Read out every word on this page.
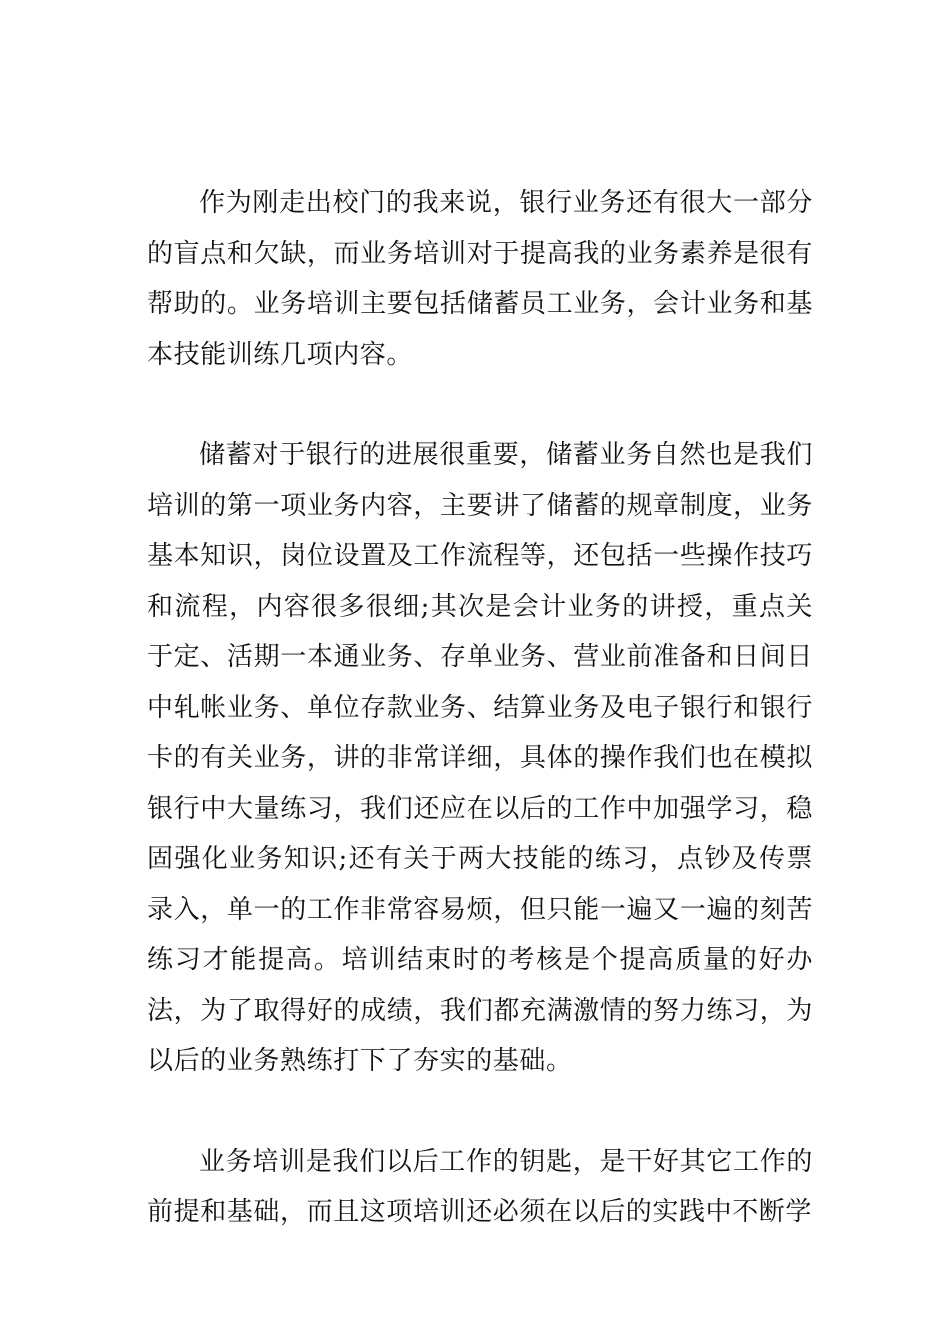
作为刚走出校门的我来说，银行业务还有很大一部分的盲点和欠缺，而业务培训对于提高我的业务素养是很有帮助的。业务培训主要包括储蓄员工业务，会计业务和基本技能训练几项内容。

储蓄对于银行的进展很重要，储蓄业务自然也是我们培训的第一项业务内容，主要讲了储蓄的规章制度，业务基本知识，岗位设置及工作流程等，还包括一些操作技巧和流程，内容很多很细;其次是会计业务的讲授，重点关于定、活期一本通业务、存单业务、营业前准备和日间日中轧帐业务、单位存款业务、结算业务及电子银行和银行卡的有关业务，讲的非常详细，具体的操作我们也在模拟银行中大量练习，我们还应在以后的工作中加强学习，稳固强化业务知识;还有关于两大技能的练习，点钞及传票录入，单一的工作非常容易烦，但只能一遍又一遍的刻苦练习才能提高。培训结束时的考核是个提高质量的好办法，为了取得好的成绩，我们都充满激情的努力练习，为以后的业务熟练打下了夯实的基础。

业务培训是我们以后工作的钥匙，是干好其它工作的前提和基础，而且这项培训还必须在以后的实践中不断学
